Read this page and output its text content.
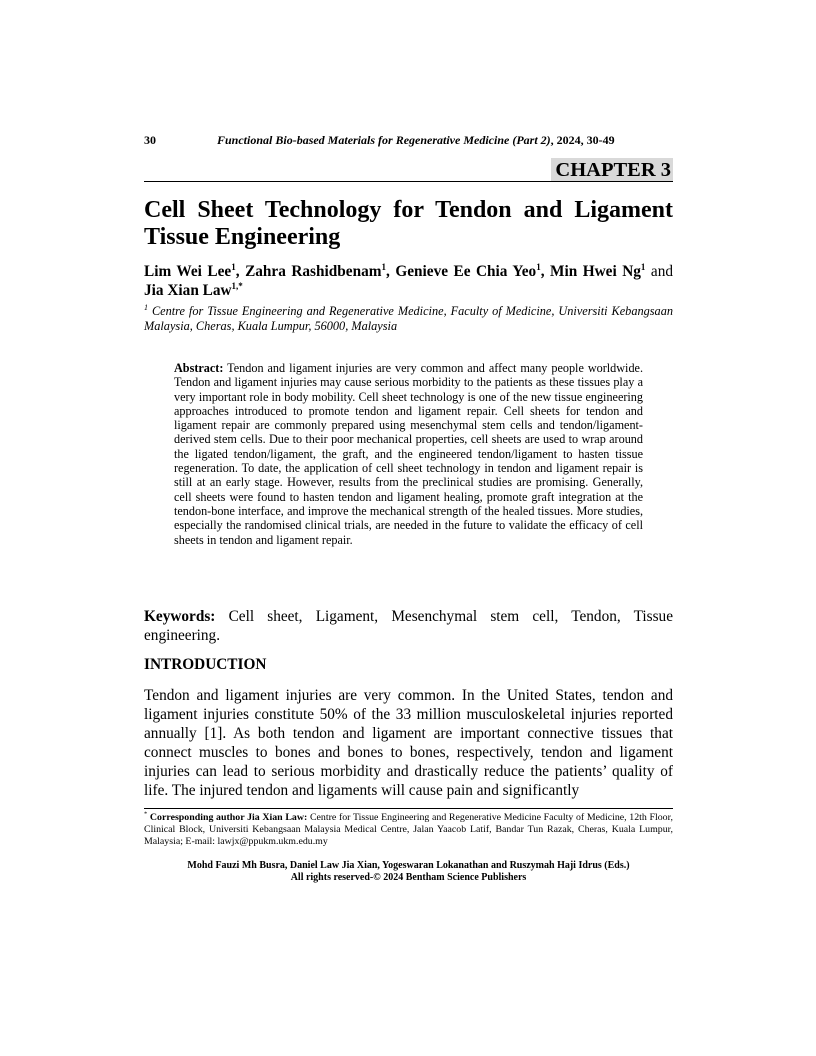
30	Functional Bio-based Materials for Regenerative Medicine (Part 2), 2024, 30-49
CHAPTER 3
Cell Sheet Technology for Tendon and Ligament Tissue Engineering
Lim Wei Lee$^1$, Zahra Rashidbenam$^1$, Genieve Ee Chia Yeo$^1$, Min Hwei Ng$^1$ and Jia Xian Law$^{1,*}$
$^1$ Centre for Tissue Engineering and Regenerative Medicine, Faculty of Medicine, Universiti Kebangsaan Malaysia, Cheras, Kuala Lumpur, 56000, Malaysia
Abstract: Tendon and ligament injuries are very common and affect many people worldwide. Tendon and ligament injuries may cause serious morbidity to the patients as these tissues play a very important role in body mobility. Cell sheet technology is one of the new tissue engineering approaches introduced to promote tendon and ligament repair. Cell sheets for tendon and ligament repair are commonly prepared using mesenchymal stem cells and tendon/ligament-derived stem cells. Due to their poor mechanical properties, cell sheets are used to wrap around the ligated tendon/ligament, the graft, and the engineered tendon/ligament to hasten tissue regeneration. To date, the application of cell sheet technology in tendon and ligament repair is still at an early stage. However, results from the preclinical studies are promising. Generally, cell sheets were found to hasten tendon and ligament healing, promote graft integration at the tendon-bone interface, and improve the mechanical strength of the healed tissues. More studies, especially the randomised clinical trials, are needed in the future to validate the efficacy of cell sheets in tendon and ligament repair.
Keywords: Cell sheet, Ligament, Mesenchymal stem cell, Tendon, Tissue engineering.
INTRODUCTION
Tendon and ligament injuries are very common. In the United States, tendon and ligament injuries constitute 50% of the 33 million musculoskeletal injuries reported annually [1]. As both tendon and ligament are important connective tissues that connect muscles to bones and bones to bones, respectively, tendon and ligament injuries can lead to serious morbidity and drastically reduce the patients’ quality of life. The injured tendon and ligaments will cause pain and significantly
* Corresponding author Jia Xian Law: Centre for Tissue Engineering and Regenerative Medicine Faculty of Medicine, 12th Floor, Clinical Block, Universiti Kebangsaan Malaysia Medical Centre, Jalan Yaacob Latif, Bandar Tun Razak, Cheras, Kuala Lumpur, Malaysia; E-mail: lawjx@ppukm.ukm.edu.my
Mohd Fauzi Mh Busra, Daniel Law Jia Xian, Yogeswaran Lokanathan and Ruszymah Haji Idrus (Eds.)
All rights reserved-© 2024 Bentham Science Publishers
